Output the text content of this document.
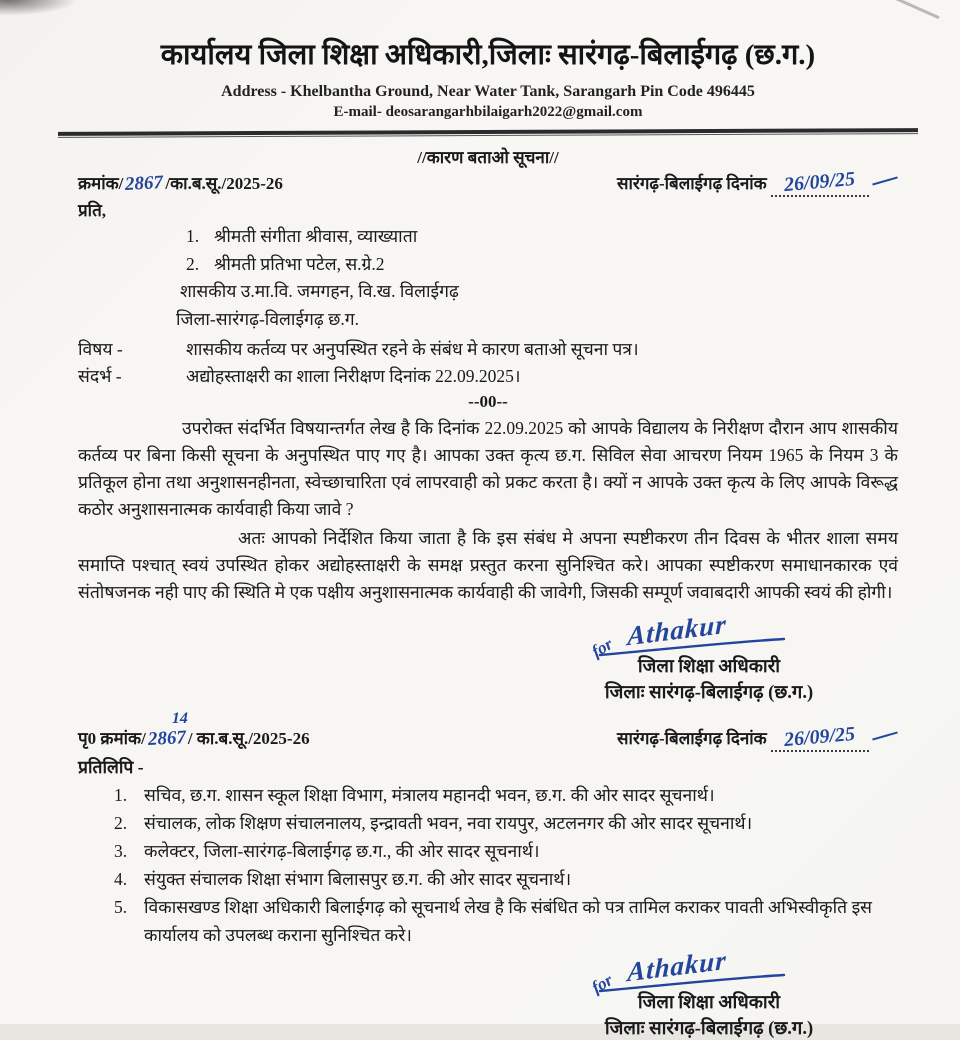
कार्यालय जिला शिक्षा अधिकारी,जिलाः सारंगढ़-बिलाईगढ़ (छ.ग.)
Address - Khelbantha Ground, Near Water Tank, Sarangarh Pin Code 496445
E-mail- deosarangarhbilaigarh2022@gmail.com
//कारण बताओ सूचना//
क्रमांक/2867/का.ब.सू./2025-26	सारंगढ़-बिलाईगढ़ दिनांक 26/09/25
प्रति,
1. श्रीमती संगीता श्रीवास, व्याख्याता
2. श्रीमती प्रतिभा पटेल, स.ग्रे.2
शासकीय उ.मा.वि. जमगहन, वि.ख. विलाईगढ़
जिला-सारंगढ़-विलाईगढ़ छ.ग.
विषय -	शासकीय कर्तव्य पर अनुपस्थित रहने के संबंध मे कारण बताओ सूचना पत्र।
संदर्भ -	अद्योहस्ताक्षरी का शाला निरीक्षण दिनांक 22.09.2025।
--00--

उपरोक्त संदर्भित विषयान्तर्गत लेख है कि दिनांक 22.09.2025 को आपके विद्यालय के निरीक्षण दौरान आप शासकीय कर्तव्य पर बिना किसी सूचना के अनुपस्थित पाए गए है। आपका उक्त कृत्य छ.ग. सिविल सेवा आचरण नियम 1965 के नियम 3 के प्रतिकूल होना तथा अनुशासनहीनता, स्वेच्छाचारिता एवं लापरवाही को प्रकट करता है। क्यों न आपके उक्त कृत्य के लिए आपके विरूद्ध कठोर अनुशासनात्मक कार्यवाही किया जावे ?

अतः आपको निर्देशित किया जाता है कि इस संबंध मे अपना स्पष्टीकरण तीन दिवस के भीतर शाला समय समाप्ति पश्चात् स्वयं उपस्थित होकर अद्योहस्ताक्षरी के समक्ष प्रस्तुत करना सुनिश्चित करे। आपका स्पष्टीकरण समाधानकारक एवं संतोषजनक नही पाए की स्थिति मे एक पक्षीय अनुशासनात्मक कार्यवाही की जावेगी, जिसकी सम्पूर्ण जवाबदारी आपकी स्वयं की होगी।

for Athakur
जिला शिक्षा अधिकारी
जिलाः सारंगढ़-बिलाईगढ़ (छ.ग.)
पृ0 क्रमांक/
14
2867/ का.ब.सू./2025-26	सारंगढ़-बिलाईगढ़ दिनांक 26/09/25
प्रतिलिपि -
1. सचिव, छ.ग. शासन स्कूल शिक्षा विभाग, मंत्रालय महानदी भवन, छ.ग. की ओर सादर सूचनार्थ।
2. संचालक, लोक शिक्षण संचालनालय, इन्द्रावती भवन, नवा रायपुर, अटलनगर की ओर सादर सूचनार्थ।
3. कलेक्टर, जिला-सारंगढ़-बिलाईगढ़ छ.ग., की ओर सादर सूचनार्थ।
4. संयुक्त संचालक शिक्षा संभाग बिलासपुर छ.ग. की ओर सादर सूचनार्थ।
5. विकासखण्ड शिक्षा अधिकारी बिलाईगढ़ को सूचनार्थ लेख है कि संबंधित को पत्र तामिल कराकर पावती अभिस्वीकृति इस कार्यालय को उपलब्ध कराना सुनिश्चित करे।
for Athakur
जिला शिक्षा अधिकारी
जिलाः सारंगढ़-बिलाईगढ़ (छ.ग.)
